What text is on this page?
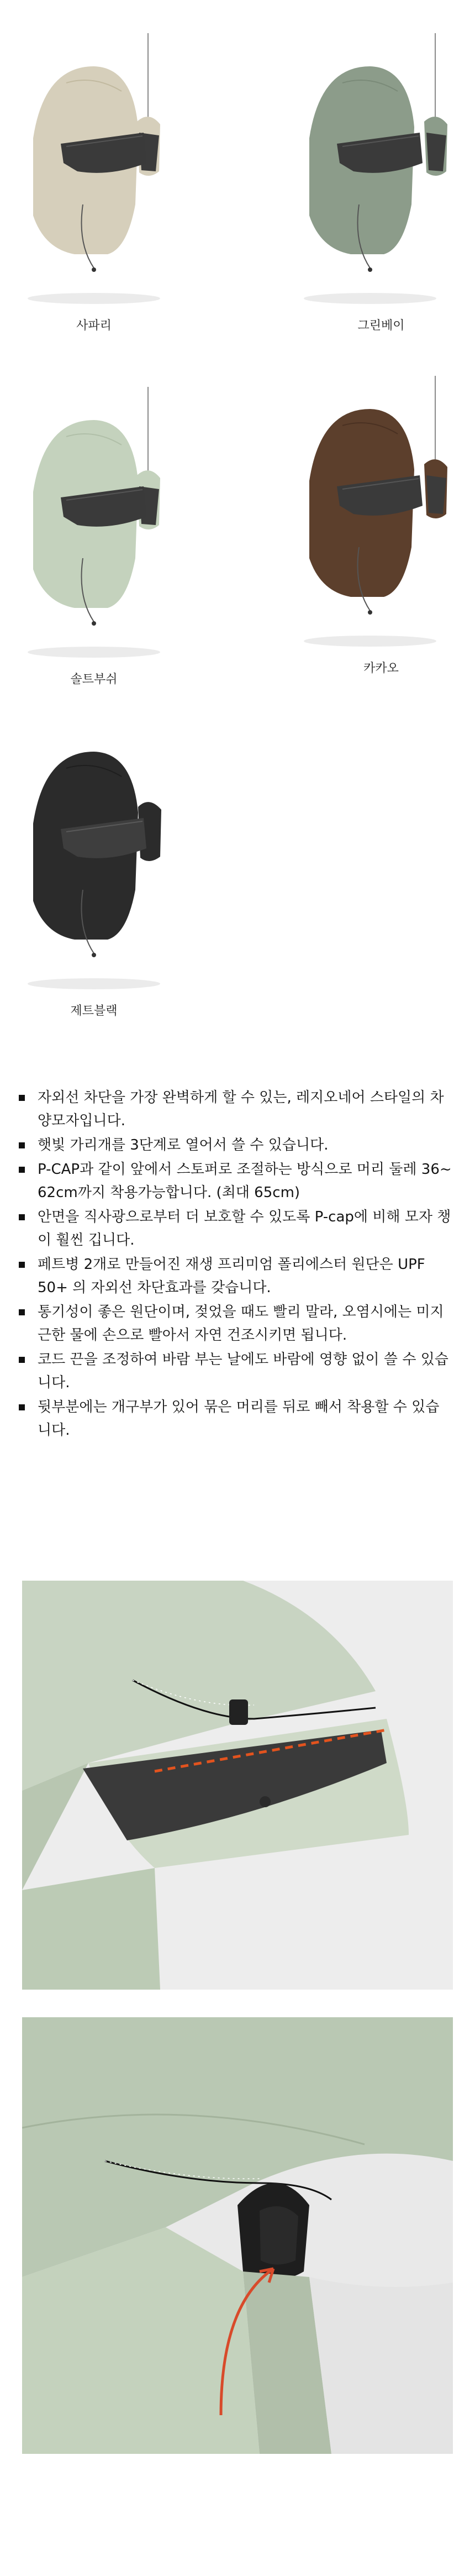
사파리	그린베이
솔트부쉬
카카오
제트블랙
자외선 차단을 가장 완벽하게 할 수 있는, 레지오네어 스타일의 차양모자입니다.
햇빛 가리개를 3단계로 열어서 쓸 수 있습니다.
P-CAP과 같이 앞에서 스토퍼로 조절하는 방식으로 머리 둘레 36~ 62cm까지 착용가능합니다. (최대 65cm)
안면을 직사광으로부터 더 보호할 수 있도록 P-cap에 비해 모자 챙이 훨씬 깁니다.
페트병 2개로 만들어진 재생 프리미엄 폴리에스터 원단은 UPF 50+ 의 자외선 차단효과를 갖습니다.
통기성이 좋은 원단이며, 젖었을 때도 빨리 말라, 오염시에는 미지근한 물에 손으로 빨아서 자연 건조시키면 됩니다.
코드 끈을 조정하여 바람 부는 날에도 바람에 영향 없이 쓸 수 있습니다.
뒷부분에는 개구부가 있어 묶은 머리를 뒤로 빼서 착용할 수 있습니다.
